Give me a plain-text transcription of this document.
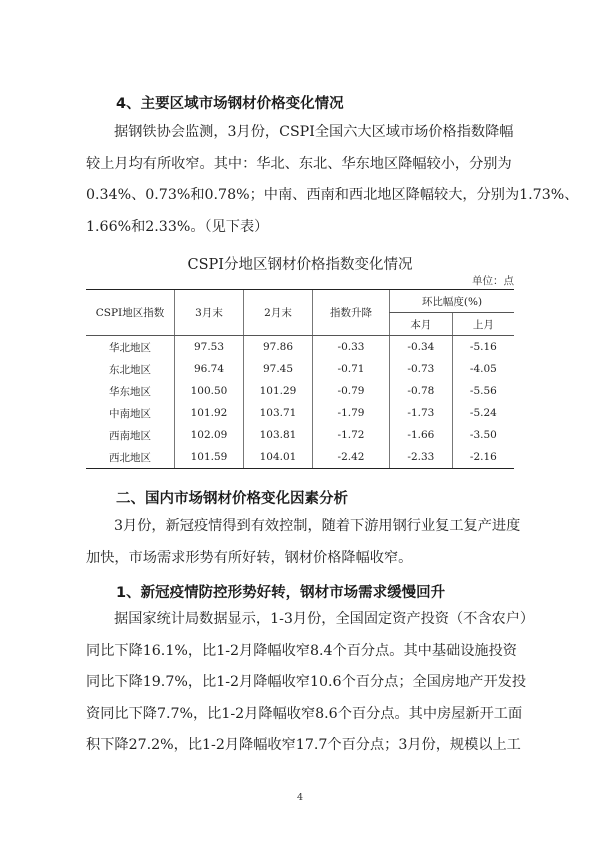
4、主要区域市场钢材价格变化情况
据钢铁协会监测，3月份，CSPI全国六大区域市场价格指数降幅
较上月均有所收窄。其中：华北、东北、华东地区降幅较小，分别为
0.34%、0.73%和0.78%；中南、西南和西北地区降幅较大，分别为1.73%、
1.66%和2.33%。（见下表）
CSPI分地区钢材价格指数变化情况
单位：点
CSPI地区指数	3月末	2月末	指数升降	环比幅度(%)	
				本月	上月
华北地区	97.53	97.86	-0.33	-0.34	-5.16
东北地区	96.74	97.45	-0.71	-0.73	-4.05
华东地区	100.50	101.29	-0.79	-0.78	-5.56
中南地区	101.92	103.71	-1.79	-1.73	-5.24
西南地区	102.09	103.81	-1.72	-1.66	-3.50
西北地区	101.59	104.01	-2.42	-2.33	-2.16
二、国内市场钢材价格变化因素分析
3月份，新冠疫情得到有效控制，随着下游用钢行业复工复产进度
加快，市场需求形势有所好转，钢材价格降幅收窄。
1、新冠疫情防控形势好转，钢材市场需求缓慢回升
据国家统计局数据显示，1-3月份，全国固定资产投资（不含农户）
同比下降16.1%，比1-2月降幅收窄8.4个百分点。其中基础设施投资
同比下降19.7%，比1-2月降幅收窄10.6个百分点；全国房地产开发投
资同比下降7.7%，比1-2月降幅收窄8.6个百分点。其中房屋新开工面
积下降27.2%，比1-2月降幅收窄17.7个百分点；3月份，规模以上工
4
